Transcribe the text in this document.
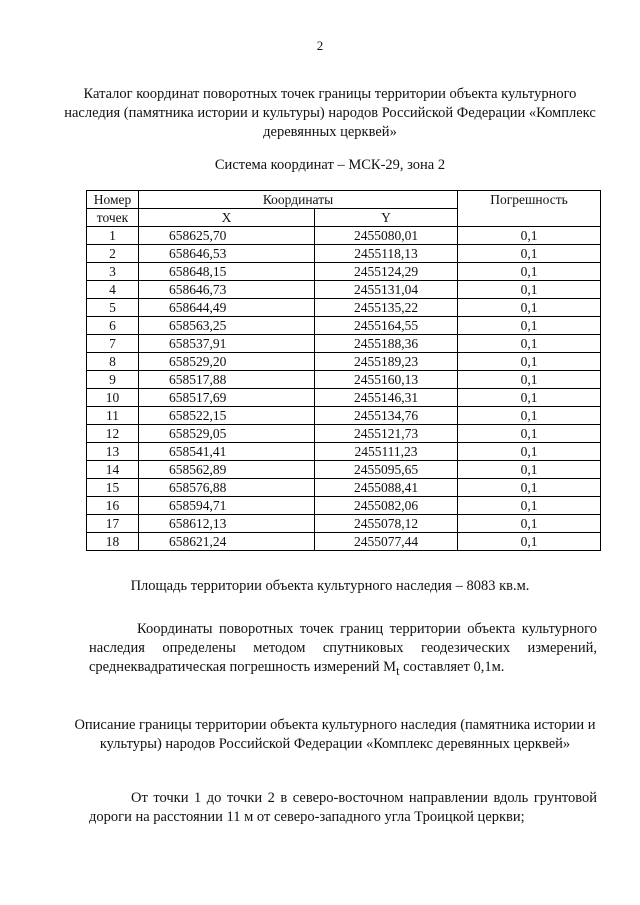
2
Каталог координат поворотных точек границы территории объекта культурного наследия (памятника истории и культуры) народов Российской Федерации «Комплекс деревянных церквей»
Система координат – МСК-29, зона 2
Номер	Координаты		Погрешность
точек	X	Y	
1	658625,70	2455080,01	0,1
2	658646,53	2455118,13	0,1
3	658648,15	2455124,29	0,1
4	658646,73	2455131,04	0,1
5	658644,49	2455135,22	0,1
6	658563,25	2455164,55	0,1
7	658537,91	2455188,36	0,1
8	658529,20	2455189,23	0,1
9	658517,88	2455160,13	0,1
10	658517,69	2455146,31	0,1
11	658522,15	2455134,76	0,1
12	658529,05	2455121,73	0,1
13	658541,41	2455111,23	0,1
14	658562,89	2455095,65	0,1
15	658576,88	2455088,41	0,1
16	658594,71	2455082,06	0,1
17	658612,13	2455078,12	0,1
18	658621,24	2455077,44	0,1
Площадь территории объекта культурного наследия – 8083 кв.м.
Координаты поворотных точек границ территории объекта культурного наследия определены методом спутниковых геодезических измерений, среднеквадратическая погрешность измерений $M_t$ составляет 0,1м.
Описание границы территории объекта культурного наследия (памятника истории и культуры) народов Российской Федерации «Комплекс деревянных церквей»
От точки 1 до точки 2 в северо-восточном направлении вдоль грунтовой дороги на расстоянии 11 м от северо-западного угла Троицкой церкви;
